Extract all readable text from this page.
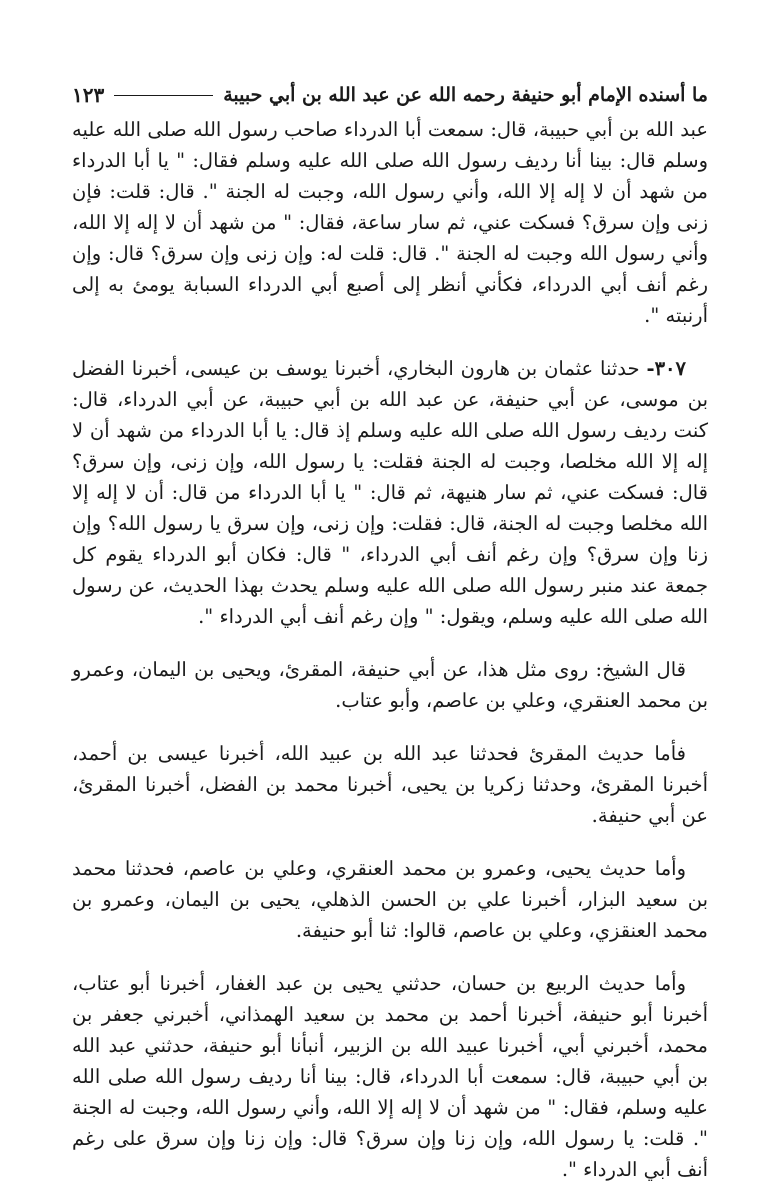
ما أسنده الإمام أبو حنيفة رحمه الله عن عبد الله بن أبي حبيبة
١٢٣

عبد الله بن أبي حبيبة، قال: سمعت أبا الدرداء صاحب رسول الله صلى الله عليه وسلم قال: بينا أنا رديف رسول الله صلى الله عليه وسلم فقال: " يا أبا الدرداء من شهد أن لا إله إلا الله، وأني رسول الله، وجبت له الجنة ". قال: قلت: فإن زنى وإن سرق؟ فسكت عني، ثم سار ساعة، فقال: " من شهد أن لا إله إلا الله، وأني رسول الله وجبت له الجنة ". قال: قلت له: وإن زنى وإن سرق؟ قال: وإن رغم أنف أبي الدرداء، فكأني أنظر إلى أصبع أبي الدرداء السبابة يومئ به إلى أرنبته ".

٣٠٧- حدثنا عثمان بن هارون البخاري، أخبرنا يوسف بن عيسى، أخبرنا الفضل بن موسى، عن أبي حنيفة، عن عبد الله بن أبي حبيبة، عن أبي الدرداء، قال: كنت رديف رسول الله صلى الله عليه وسلم إذ قال: يا أبا الدرداء من شهد أن لا إله إلا الله مخلصا، وجبت له الجنة فقلت: يا رسول الله، وإن زنى، وإن سرق؟ قال: فسكت عني، ثم سار هنيهة، ثم قال: " يا أبا الدرداء من قال: أن لا إله إلا الله مخلصا وجبت له الجنة، قال: فقلت: وإن زنى، وإن سرق يا رسول الله؟ وإن زنا وإن سرق؟ وإن رغم أنف أبي الدرداء، " قال: فكان أبو الدرداء يقوم كل جمعة عند منبر رسول الله صلى الله عليه وسلم يحدث بهذا الحديث، عن رسول الله صلى الله عليه وسلم، ويقول: " وإن رغم أنف أبي الدرداء ".

قال الشيخ: روى مثل هذا، عن أبي حنيفة، المقرئ، ويحيى بن اليمان، وعمرو بن محمد العنقري، وعلي بن عاصم، وأبو عتاب.

فأما حديث المقرئ فحدثنا عبد الله بن عبيد الله، أخبرنا عيسى بن أحمد، أخبرنا المقرئ، وحدثنا زكريا بن يحيى، أخبرنا محمد بن الفضل، أخبرنا المقرئ، عن أبي حنيفة.

وأما حديث يحيى، وعمرو بن محمد العنقري، وعلي بن عاصم، فحدثنا محمد بن سعيد البزار، أخبرنا علي بن الحسن الذهلي، يحيى بن اليمان، وعمرو بن محمد العنقزي، وعلي بن عاصم، قالوا: ثنا أبو حنيفة.

وأما حديث الربيع بن حسان، حدثني يحيى بن عبد الغفار، أخبرنا أبو عتاب، أخبرنا أبو حنيفة، أخبرنا أحمد بن محمد بن سعيد الهمذاني، أخبرني جعفر بن محمد، أخبرني أبي، أخبرنا عبيد الله بن الزبير، أنبأنا أبو حنيفة، حدثني عبد الله بن أبي حبيبة، قال: سمعت أبا الدرداء، قال: بينا أنا رديف رسول الله صلى الله عليه وسلم، فقال: " من شهد أن لا إله إلا الله، وأني رسول الله، وجبت له الجنة ". قلت: يا رسول الله، وإن زنا وإن سرق؟ قال: وإن زنا وإن سرق على رغم أنف أبي الدرداء ".
